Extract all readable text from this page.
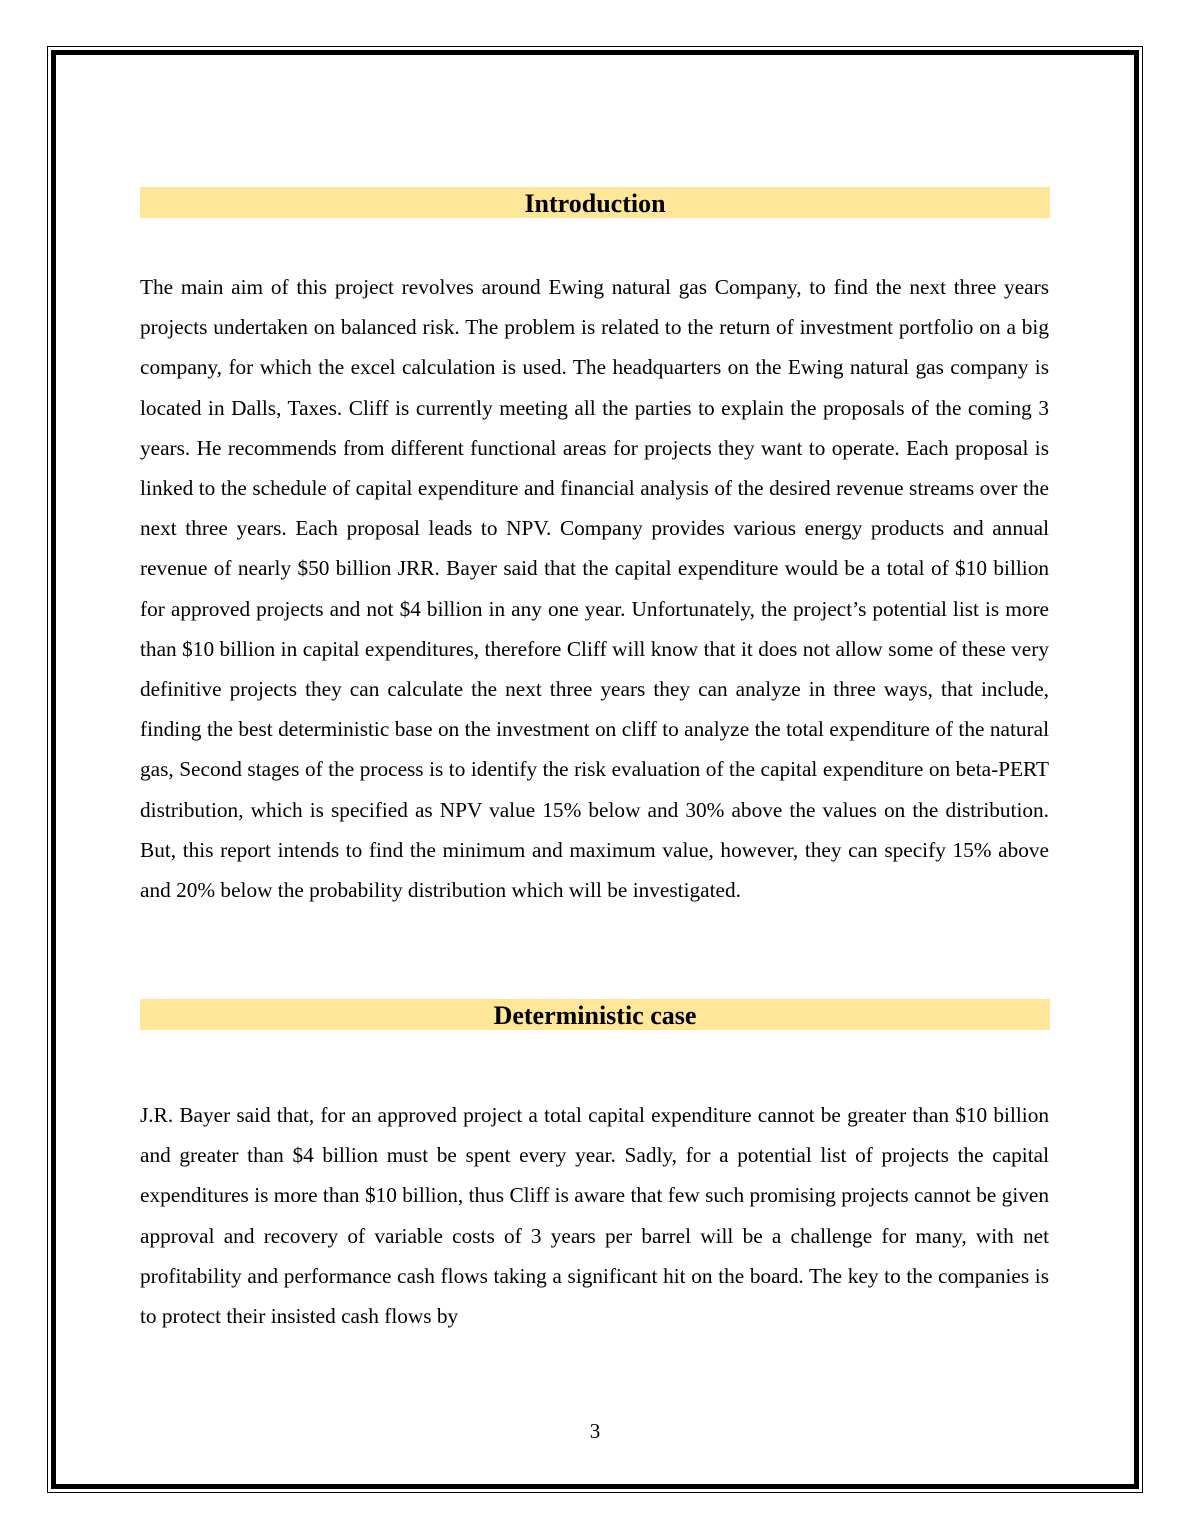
Introduction

The main aim of this project revolves around Ewing natural gas Company, to find the next three years projects undertaken on balanced risk. The problem is related to the return of investment portfolio on a big company, for which the excel calculation is used. The headquarters on the Ewing natural gas company is located in Dalls, Taxes. Cliff is currently meeting all the parties to explain the proposals of the coming 3 years. He recommends from different functional areas for projects they want to operate. Each proposal is linked to the schedule of capital expenditure and financial analysis of the desired revenue streams over the next three years. Each proposal leads to NPV. Company provides various energy products and annual revenue of nearly $50 billion JRR. Bayer said that the capital expenditure would be a total of $10 billion for approved projects and not $4 billion in any one year. Unfortunately, the project’s potential list is more than $10 billion in capital expenditures, therefore Cliff will know that it does not allow some of these very definitive projects they can calculate the next three years they can analyze in three ways, that include, finding the best deterministic base on the investment on cliff to analyze the total expenditure of the natural gas, Second stages of the process is to identify the risk evaluation of the capital expenditure on beta-PERT distribution, which is specified as NPV value 15% below and 30% above the values on the distribution. But, this report intends to find the minimum and maximum value, however, they can specify 15% above and 20% below the probability distribution which will be investigated.

Deterministic case

J.R. Bayer said that, for an approved project a total capital expenditure cannot be greater than $10 billion and greater than $4 billion must be spent every year. Sadly, for a potential list of projects the capital expenditures is more than $10 billion, thus Cliff is aware that few such promising projects cannot be given approval and recovery of variable costs of 3 years per barrel will be a challenge for many, with net profitability and performance cash flows taking a significant hit on the board. The key to the companies is to protect their insisted cash flows by

3
